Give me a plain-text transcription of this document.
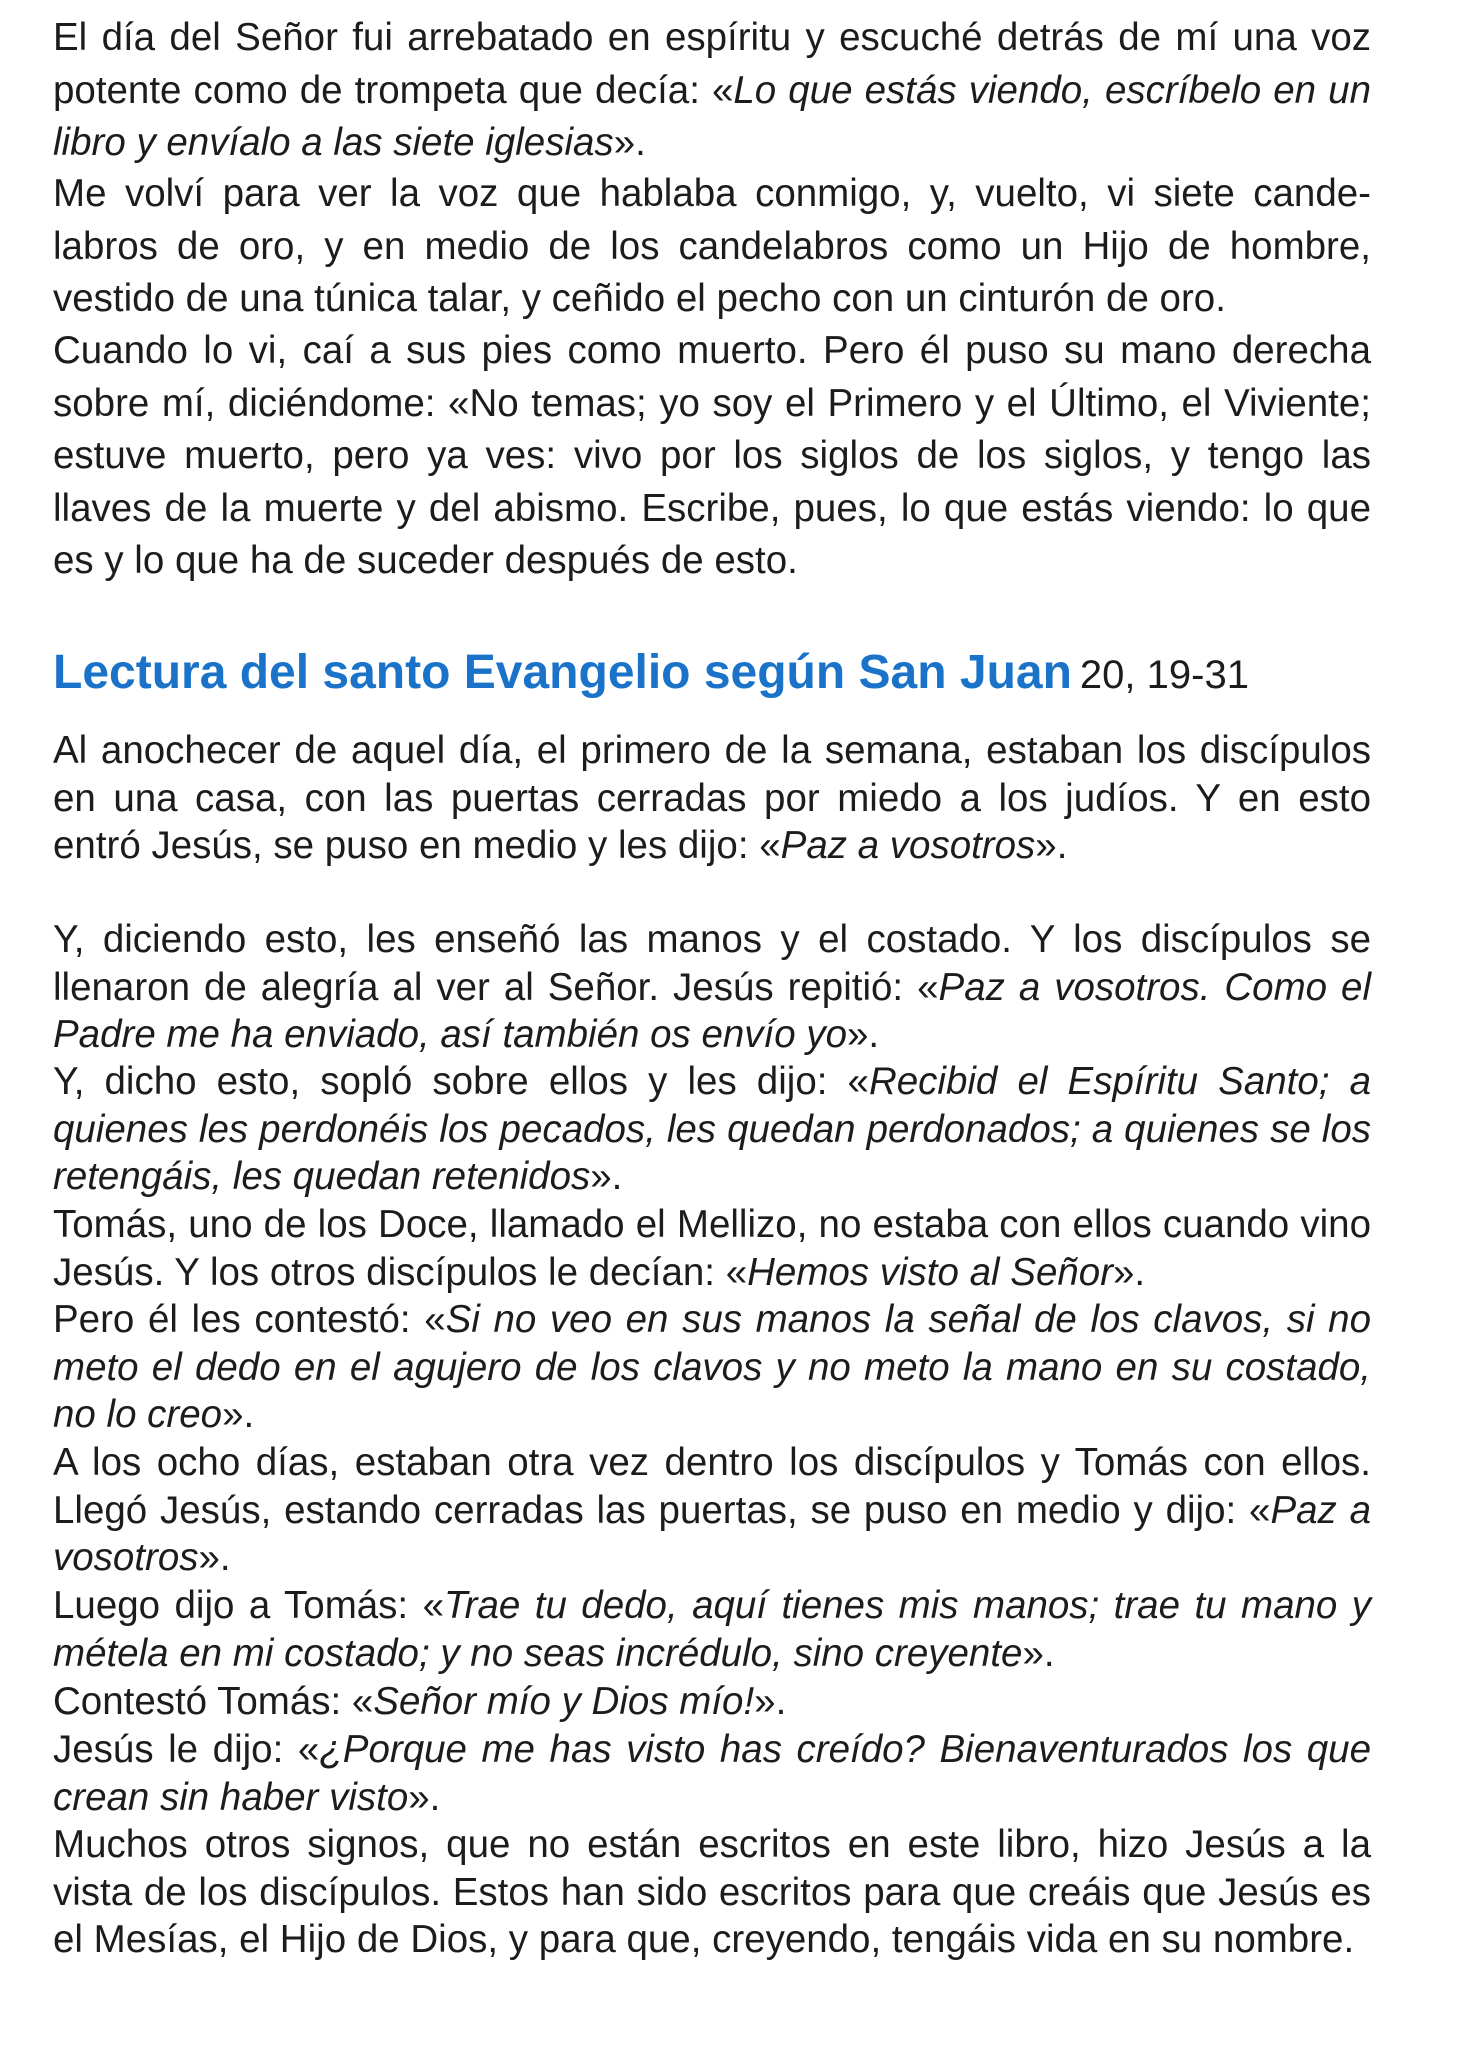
El día del Señor fui arrebatado en espíritu y escuché detrás de mí una voz potente como de trompeta que decía: «Lo que estás viendo, escríbelo en un libro y envíalo a las siete iglesias».

Me volví para ver la voz que hablaba conmigo, y, vuelto, vi siete cande-labros de oro, y en medio de los candelabros como un Hijo de hombre, vestido de una túnica talar, y ceñido el pecho con un cinturón de oro.

Cuando lo vi, caí a sus pies como muerto. Pero él puso su mano derecha sobre mí, diciéndome: «No temas; yo soy el Primero y el Último, el Viviente; estuve muerto, pero ya ves: vivo por los siglos de los siglos, y tengo las llaves de la muerte y del abismo. Escribe, pues, lo que estás viendo: lo que es y lo que ha de suceder después de esto.

Lectura del santo Evangelio según San Juan 20, 19-31

Al anochecer de aquel día, el primero de la semana, estaban los discípulos en una casa, con las puertas cerradas por miedo a los judíos. Y en esto entró Jesús, se puso en medio y les dijo: «Paz a vosotros».

Y, diciendo esto, les enseñó las manos y el costado. Y los discípulos se llenaron de alegría al ver al Señor. Jesús repitió: «Paz a vosotros. Como el Padre me ha enviado, así también os envío yo».

Y, dicho esto, sopló sobre ellos y les dijo: «Recibid el Espíritu Santo; a quienes les perdonéis los pecados, les quedan perdonados; a quienes se los retengáis, les quedan retenidos».

Tomás, uno de los Doce, llamado el Mellizo, no estaba con ellos cuando vino Jesús. Y los otros discípulos le decían: «Hemos visto al Señor».

Pero él les contestó: «Si no veo en sus manos la señal de los clavos, si no meto el dedo en el agujero de los clavos y no meto la mano en su costado, no lo creo».

A los ocho días, estaban otra vez dentro los discípulos y Tomás con ellos. Llegó Jesús, estando cerradas las puertas, se puso en medio y dijo: «Paz a vosotros».

Luego dijo a Tomás: «Trae tu dedo, aquí tienes mis manos; trae tu mano y métela en mi costado; y no seas incrédulo, sino creyente».

Contestó Tomás: «Señor mío y Dios mío!».

Jesús le dijo: «¿Porque me has visto has creído? Bienaventurados los que crean sin haber visto».

Muchos otros signos, que no están escritos en este libro, hizo Jesús a la vista de los discípulos. Estos han sido escritos para que creáis que Jesús es el Mesías, el Hijo de Dios, y para que, creyendo, tengáis vida en su nombre.
